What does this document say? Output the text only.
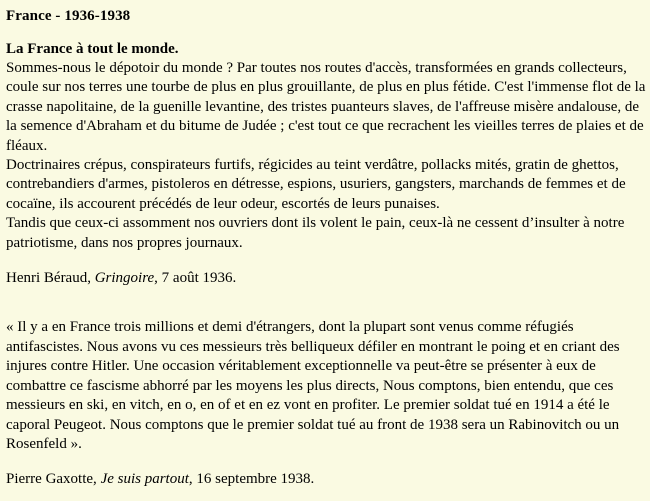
France - 1936-1938
La France à tout le monde.
Sommes-nous le dépotoir du monde ? Par toutes nos routes d'accès, transformées en grands collecteurs, coule sur nos terres une tourbe de plus en plus grouillante, de plus en plus fétide. C'est l'immense flot de la crasse napolitaine, de la guenille levantine, des tristes puanteurs slaves, de l'affreuse misère andalouse, de la semence d'Abraham et du bitume de Judée ; c'est tout ce que recrachent les vieilles terres de plaies et de fléaux.
Doctrinaires crépus, conspirateurs furtifs, régicides au teint verdâtre, pollacks mités, gratin de ghettos, contrebandiers d'armes, pistoleros en détresse, espions, usuriers, gangsters, marchands de femmes et de cocaïne, ils accourent précédés de leur odeur, escortés de leurs punaises.
Tandis que ceux-ci assomment nos ouvriers dont ils volent le pain, ceux-là ne cessent d’insulter à notre patriotisme, dans nos propres journaux.
Henri Béraud, Gringoire, 7 août 1936.
« Il y a en France trois millions et demi d'étrangers, dont la plupart sont venus comme réfugiés antifascistes. Nous avons vu ces messieurs très belliqueux défiler en montrant le poing et en criant des injures contre Hitler. Une occasion véritablement exceptionnelle va peut-être se présenter à eux de combattre ce fascisme abhorré par les moyens les plus directs, Nous comptons, bien entendu, que ces messieurs en ski, en vitch, en o, en of et en ez vont en profiter. Le premier soldat tué en 1914 a été le caporal Peugeot. Nous comptons que le premier soldat tué au front de 1938 sera un Rabinovitch ou un Rosenfeld ».
Pierre Gaxotte, Je suis partout, 16 septembre 1938.
